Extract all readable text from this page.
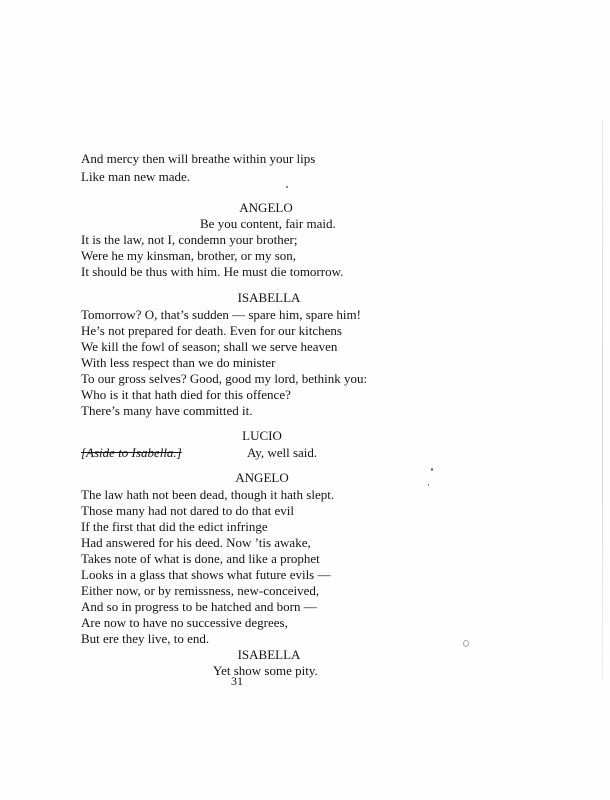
And mercy then will breathe within your lips
Like man new made.
ANGELO
Be you content, fair maid.
It is the law, not I, condemn your brother;
Were he my kinsman, brother, or my son,
It should be thus with him. He must die tomorrow.
ISABELLA
Tomorrow? O, that’s sudden — spare him, spare him!
He’s not prepared for death. Even for our kitchens
We kill the fowl of season; shall we serve heaven
With less respect than we do minister
To our gross selves? Good, good my lord, bethink you:
Who is it that hath died for this offence?
There’s many have committed it.
LUCIO
[Aside to Isabella.]	Ay, well said.
ANGELO
The law hath not been dead, though it hath slept.
Those many had not dared to do that evil
If the first that did the edict infringe
Had answered for his deed. Now ’tis awake,
Takes note of what is done, and like a prophet
Looks in a glass that shows what future evils —
Either now, or by remissness, new-conceived,
And so in progress to be hatched and born —
Are now to have no successive degrees,
But ere they live, to end.
ISABELLA
Yet show some pity.
31
